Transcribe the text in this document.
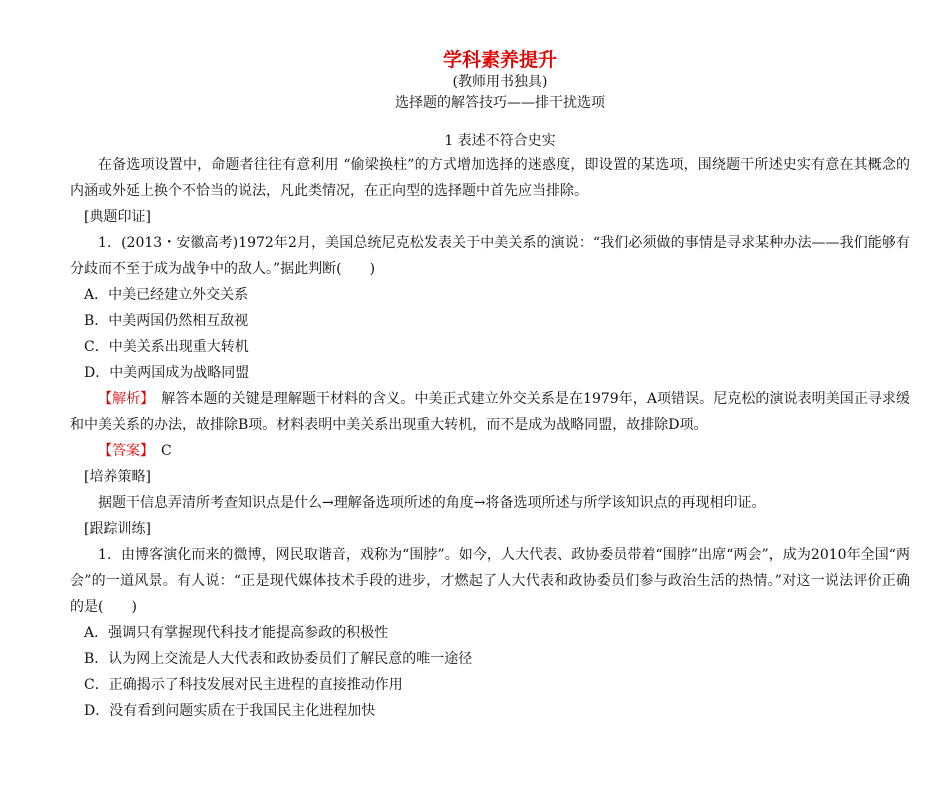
学科素养提升
(教师用书独具)
选择题的解答技巧——排干扰选项
1 表述不符合史实

在备选项设置中，命题者往往有意利用 “偷梁换柱”的方式增加选择的迷惑度，即设置的某选项，围绕题干所述史实有意在其概念的内涵或外延上换个不恰当的说法，凡此类情况，在正向型的选择题中首先应当排除。

[典题印证]

1．(2013・安徽高考)1972年2月，美国总统尼克松发表关于中美关系的演说：“我们必须做的事情是寻求某种办法——我们能够有分歧而不至于成为战争中的敌人。”据此判断(　　)

A．中美已经建立外交关系

B．中美两国仍然相互敌视

C．中美关系出现重大转机

D．中美两国成为战略同盟

【解析】　解答本题的关键是理解题干材料的含义。中美正式建立外交关系是在1979年，A项错误。尼克松的演说表明美国正寻求缓和中美关系的办法，故排除B项。材料表明中美关系出现重大转机，而不是成为战略同盟，故排除D项。

【答案】　C

[培养策略]

据题干信息弄清所考查知识点是什么→理解备选项所述的角度→将备选项所述与所学该知识点的再现相印证。

[跟踪训练]

1．由博客演化而来的微博，网民取谐音，戏称为“围脖”。如今，人大代表、政协委员带着“围脖”出席“两会”，成为2010年全国“两会”的一道风景。有人说：“正是现代媒体技术手段的进步，才燃起了人大代表和政协委员们参与政治生活的热情。”对这一说法评价正确的是(　　)

A．强调只有掌握现代科技才能提高参政的积极性

B．认为网上交流是人大代表和政协委员们了解民意的唯一途径

C．正确揭示了科技发展对民主进程的直接推动作用

D．没有看到问题实质在于我国民主化进程加快
